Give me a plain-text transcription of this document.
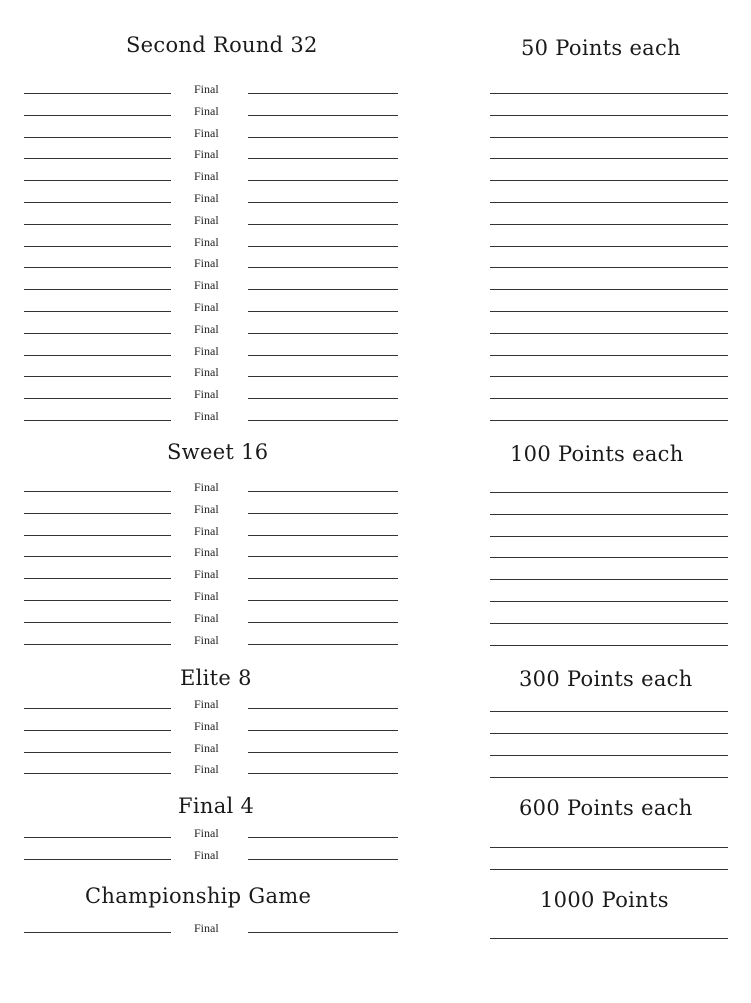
Second Round 32	50 Points each
Final
Final
Final
Final
Final
Final
Final
Final
Final
Final
Final
Final
Final
Final
Final
Final
Sweet 16	100 Points each
Final
Final
Final
Final
Final
Final
Final
Final
Elite 8	300 Points each
Final
Final
Final
Final
Final 4	600 Points each
Final
Final
Championship Game	1000 Points
Final
